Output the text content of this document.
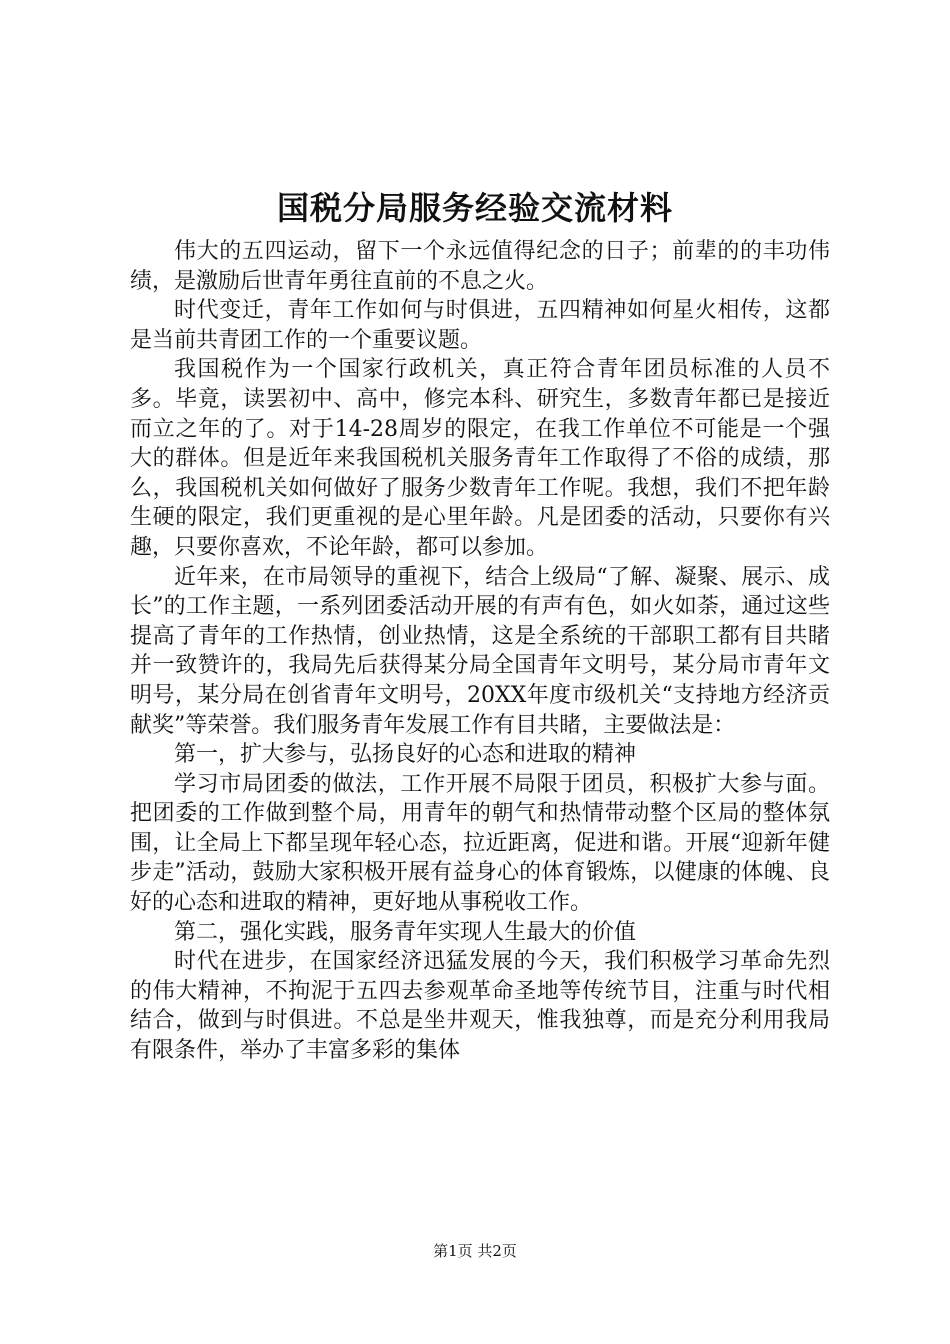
国税分局服务经验交流材料

伟大的五四运动，留下一个永远值得纪念的日子；前辈的的丰功伟绩，是激励后世青年勇往直前的不息之火。

时代变迁，青年工作如何与时俱进，五四精神如何星火相传，这都是当前共青团工作的一个重要议题。

我国税作为一个国家行政机关，真正符合青年团员标准的人员不多。毕竟，读罢初中、高中，修完本科、研究生，多数青年都已是接近而立之年的了。对于14-28周岁的限定，在我工作单位不可能是一个强大的群体。但是近年来我国税机关服务青年工作取得了不俗的成绩，那么，我国税机关如何做好了服务少数青年工作呢。我想，我们不把年龄生硬的限定，我们更重视的是心里年龄。凡是团委的活动，只要你有兴趣，只要你喜欢，不论年龄，都可以参加。

近年来，在市局领导的重视下，结合上级局“了解、凝聚、展示、成长”的工作主题，一系列团委活动开展的有声有色，如火如荼，通过这些提高了青年的工作热情，创业热情，这是全系统的干部职工都有目共睹并一致赞许的，我局先后获得某分局全国青年文明号，某分局市青年文明号，某分局在创省青年文明号，20XX年度市级机关“支持地方经济贡献奖”等荣誉。我们服务青年发展工作有目共睹，主要做法是：

第一，扩大参与，弘扬良好的心态和进取的精神

学习市局团委的做法，工作开展不局限于团员，积极扩大参与面。把团委的工作做到整个局，用青年的朝气和热情带动整个区局的整体氛围，让全局上下都呈现年轻心态，拉近距离，促进和谐。开展“迎新年健步走”活动，鼓励大家积极开展有益身心的体育锻炼，以健康的体魄、良好的心态和进取的精神，更好地从事税收工作。

第二，强化实践，服务青年实现人生最大的价值

时代在进步，在国家经济迅猛发展的今天，我们积极学习革命先烈的伟大精神，不拘泥于五四去参观革命圣地等传统节目，注重与时代相结合，做到与时俱进。不总是坐井观天，惟我独尊，而是充分利用我局有限条件，举办了丰富多彩的集体

第1页 共2页
